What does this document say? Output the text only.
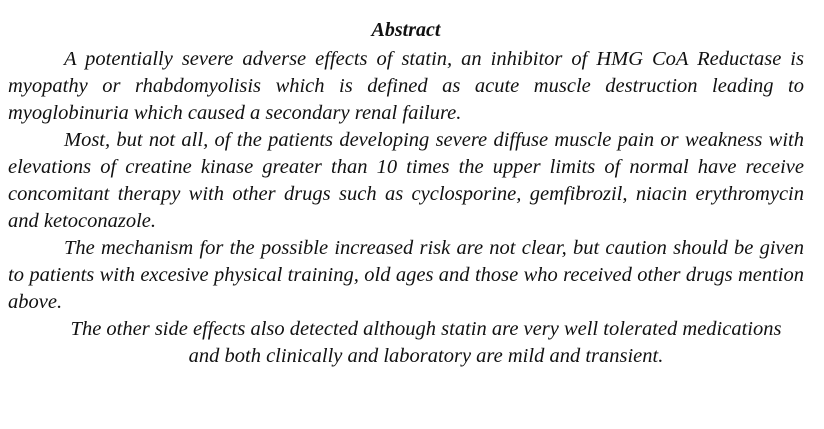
Abstract

A potentially severe adverse effects of statin, an inhibitor of HMG CoA Reductase is myopathy or rhabdomyolisis which is defined as acute muscle destruction leading to myoglobinuria which caused a secondary renal failure.

Most, but not all, of the patients developing severe diffuse muscle pain or weakness with elevations of creatine kinase greater than 10 times the upper limits of normal have receive concomitant therapy with other drugs such as cyclosporine, gemfibrozil, niacin erythromycin and ketoconazole.

The mechanism for the possible increased risk are not clear, but caution should be given to patients with excesive physical training, old ages and those who received other drugs mention above.

The other side effects also detected although statin are very well tolerated medications and both clinically and laboratory are mild and transient.
